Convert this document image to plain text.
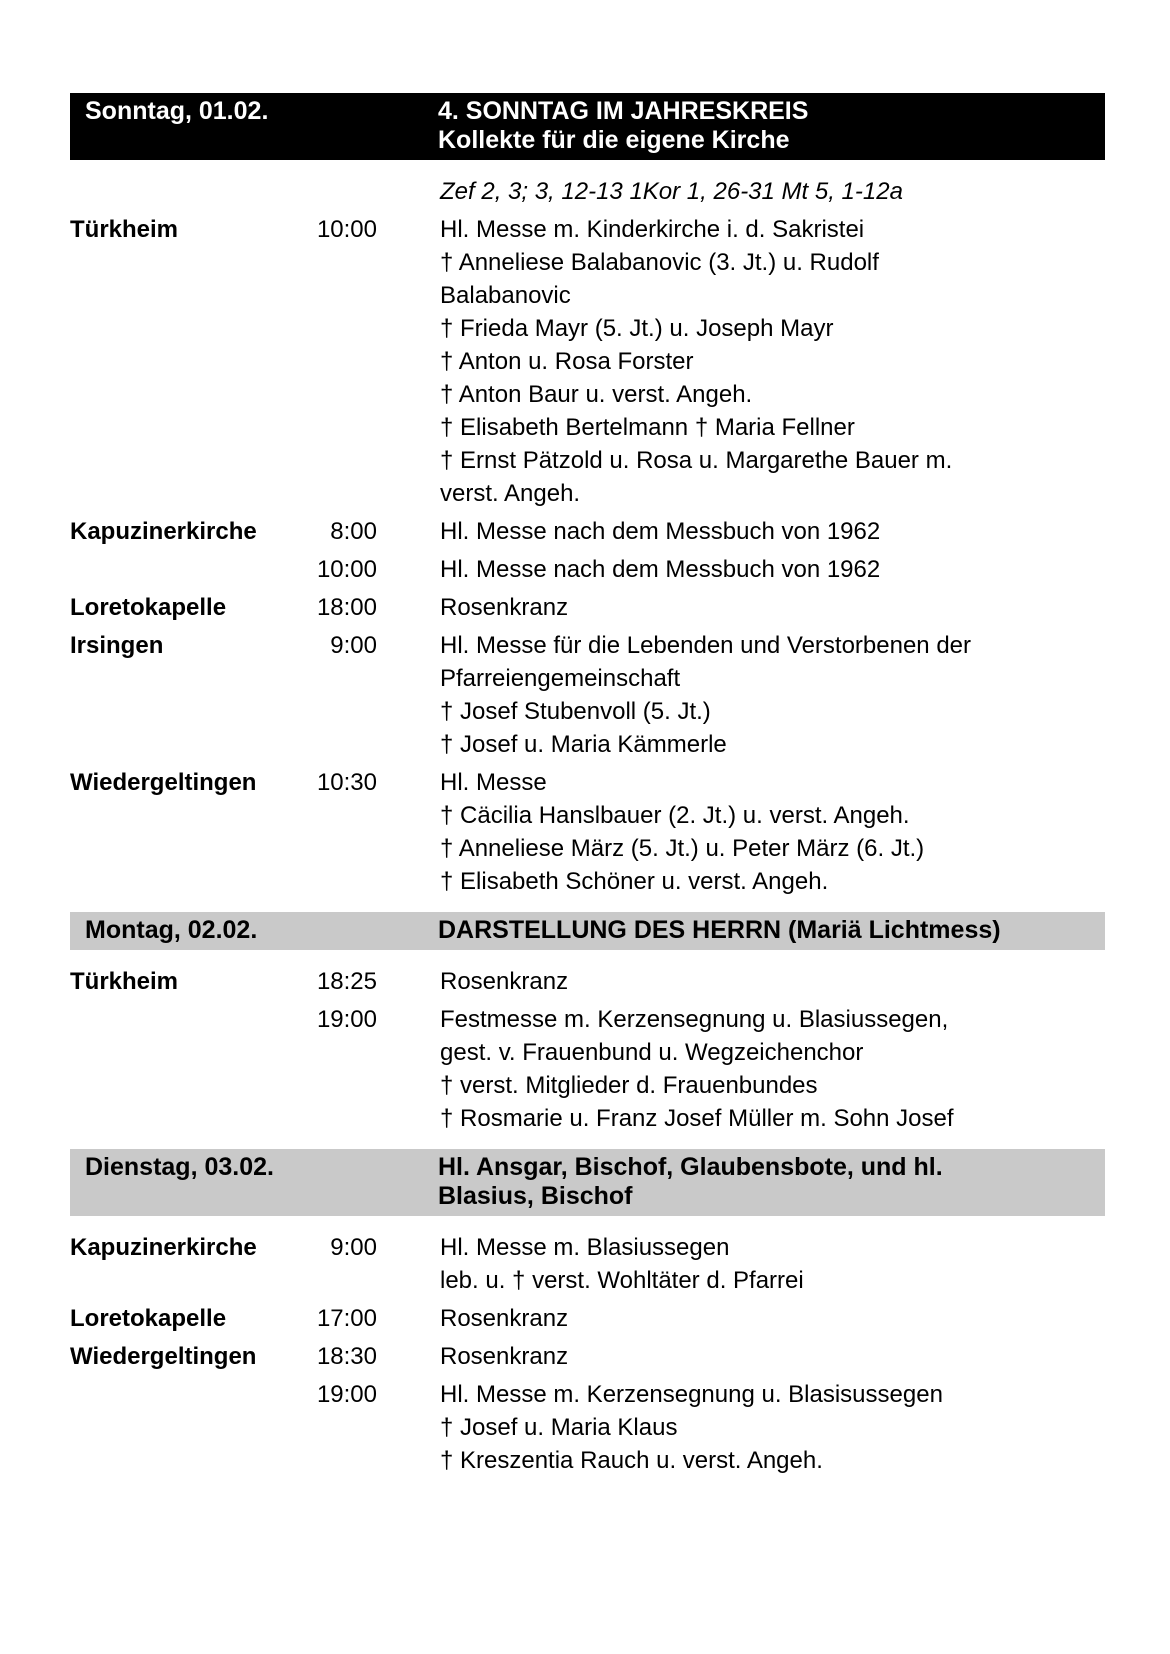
Sonntag, 01.02.	4. SONNTAG IM JAHRESKREIS
Kollekte für die eigene Kirche
Zef 2, 3; 3, 12-13 1Kor 1, 26-31 Mt 5, 1-12a
Türkheim	10:00	Hl. Messe m. Kinderkirche i. d. Sakristei
† Anneliese Balabanovic (3. Jt.) u. Rudolf
Balabanovic
† Frieda Mayr (5. Jt.) u. Joseph Mayr
† Anton u. Rosa Forster
† Anton Baur u. verst. Angeh.
† Elisabeth Bertelmann † Maria Fellner
† Ernst Pätzold u. Rosa u. Margarethe Bauer m.
verst. Angeh.
Kapuzinerkirche	8:00	Hl. Messe nach dem Messbuch von 1962
10:00	Hl. Messe nach dem Messbuch von 1962
Loretokapelle	18:00	Rosenkranz
Irsingen	9:00	Hl. Messe für die Lebenden und Verstorbenen der
Pfarreiengemeinschaft
† Josef Stubenvoll (5. Jt.)
† Josef u. Maria Kämmerle
Wiedergeltingen	10:30	Hl. Messe
† Cäcilia Hanslbauer (2. Jt.) u. verst. Angeh.
† Anneliese März (5. Jt.) u. Peter März (6. Jt.)
† Elisabeth Schöner u. verst. Angeh.
Montag, 02.02.	DARSTELLUNG DES HERRN (Mariä Lichtmess)
Türkheim	18:25	Rosenkranz
19:00	Festmesse m. Kerzensegnung u. Blasiussegen,
gest. v. Frauenbund u. Wegzeichenchor
† verst. Mitglieder d. Frauenbundes
† Rosmarie u. Franz Josef Müller m. Sohn Josef
Dienstag, 03.02.	Hl. Ansgar, Bischof, Glaubensbote, und hl.
Blasius, Bischof
Kapuzinerkirche	9:00	Hl. Messe m. Blasiussegen
leb. u. † verst. Wohltäter d. Pfarrei
Loretokapelle	17:00	Rosenkranz
Wiedergeltingen	18:30	Rosenkranz
19:00	Hl. Messe m. Kerzensegnung u. Blasisussegen
† Josef u. Maria Klaus
† Kreszentia Rauch u. verst. Angeh.
